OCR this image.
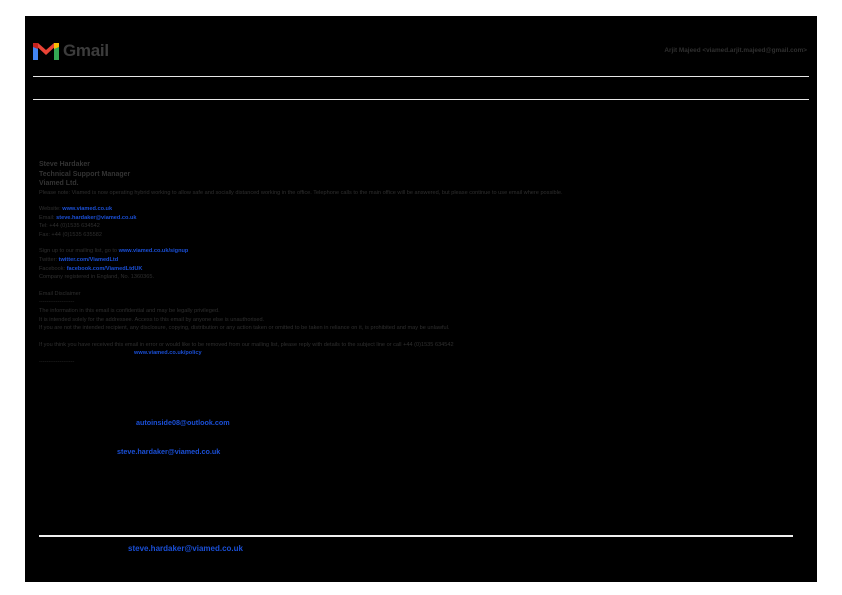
Gmail	Arjit Majeed <viamed.arjit.majeed@gmail.com>
Steve Hardaker
Technical Support Manager
Viamed Ltd.
Please note: Viamed is now operating hybrid working to allow safe and socially distanced working in the office. Telephone calls to the main office will be answered, but please continue to use email where possible.
Website: www.viamed.co.uk
Email: steve.hardaker@viamed.co.uk
Tel: +44 (0)1535 634542
Fax: +44 (0)1535 635582
Sign up to our mailing list, go to www.viamed.co.uk/signup
Twitter: twitter.com/ViamedLtd
Facebook: facebook.com/ViamedLtdUK
Company registered in England, No. 1360365.
Email Disclaimer
-------------------
The information in this email is confidential and may be legally privileged.
It is intended solely for the addressee. Access to this email by anyone else is unauthorised.
If you are not the intended recipient, any disclosure, copying, distribution or any action taken or omitted to be taken in reliance on it, is prohibited and may be unlawful.
If you think you have received this email in error or would like to be removed from our mailing list, please reply with details to the subject line or call +44 (0)1535 634542
www.viamed.co.uk/policy
-------------------
autoinside08@outlook.com
steve.hardaker@viamed.co.uk
steve.hardaker@viamed.co.uk
